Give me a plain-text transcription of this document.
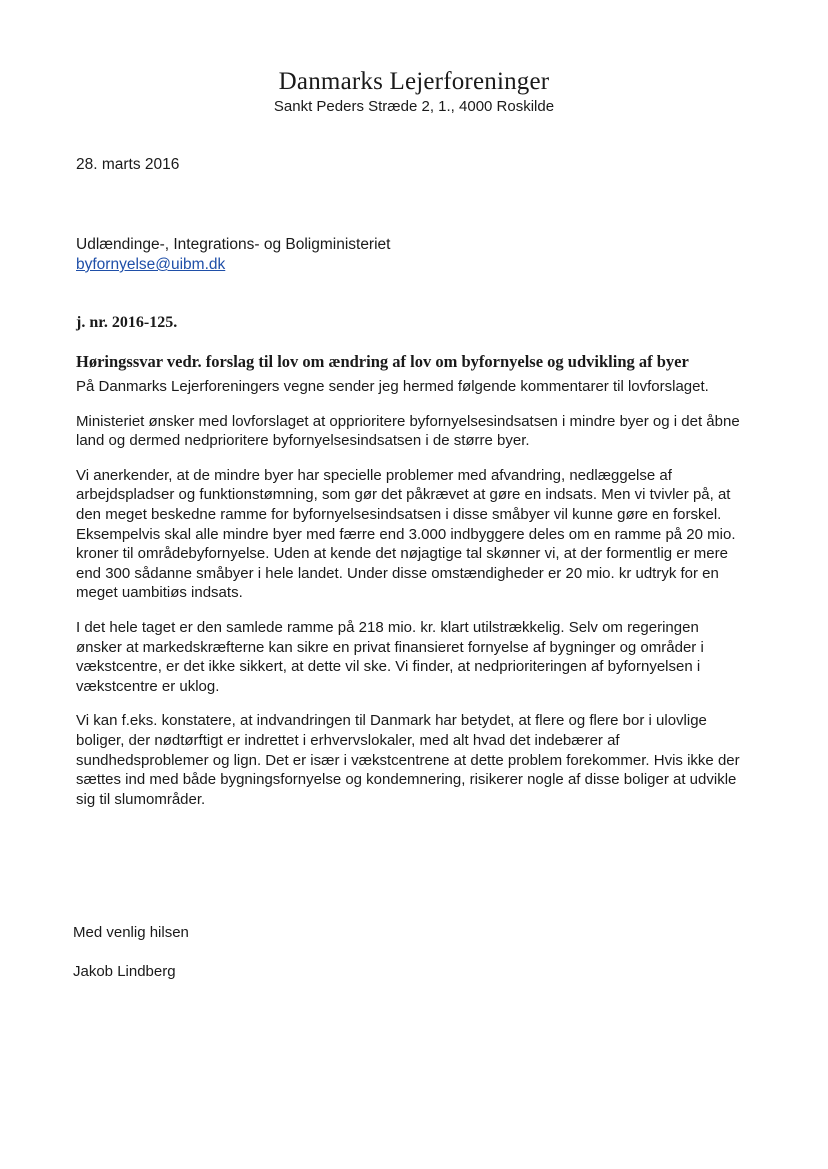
Danmarks Lejerforeninger

Sankt Peders Stræde 2, 1., 4000 Roskilde

28. marts 2016

Udlændinge-, Integrations- og Boligministeriet
byfornyelse@uibm.dk

j. nr. 2016-125.

Høringssvar vedr. forslag til lov om ændring af lov om byfornyelse og udvikling af byer

På Danmarks Lejerforeningers vegne sender jeg hermed følgende kommentarer til lovforslaget.

Ministeriet ønsker med lovforslaget at opprioritere byfornyelsesindsatsen i mindre byer og i det åbne land og dermed nedprioritere byfornyelsesindsatsen i de større byer.

Vi anerkender, at de mindre byer har specielle problemer med afvandring, nedlæggelse af arbejdspladser og funktionstømning, som gør det påkrævet at gøre en indsats. Men vi tvivler på, at den meget beskedne ramme for byfornyelsesindsatsen i disse småbyer vil kunne gøre en forskel. Eksempelvis skal alle mindre byer med færre end 3.000 indbyggere deles om en ramme på 20 mio. kroner til områdebyfornyelse. Uden at kende det nøjagtige tal skønner vi, at der formentlig er mere end 300 sådanne småbyer i hele landet. Under disse omstændigheder er 20 mio. kr udtryk for en meget uambitiøs indsats.

I det hele taget er den samlede ramme på 218 mio. kr. klart utilstrækkelig. Selv om regeringen ønsker at markedskræfterne kan sikre en privat finansieret fornyelse af bygninger og områder i vækstcentre, er det ikke sikkert, at dette vil ske. Vi finder, at nedprioriteringen af byfornyelsen i vækstcentre er uklog.

Vi kan f.eks. konstatere, at indvandringen til Danmark har betydet, at flere og flere bor i ulovlige boliger, der nødtørftigt er indrettet i erhvervslokaler, med alt hvad det indebærer af sundhedsproblemer og lign. Det er især i vækstcentrene at dette problem forekommer. Hvis ikke der sættes ind med både bygningsfornyelse og kondemnering, risikerer nogle af disse boliger at udvikle sig til slumområder.

Med venlig hilsen

Jakob Lindberg
